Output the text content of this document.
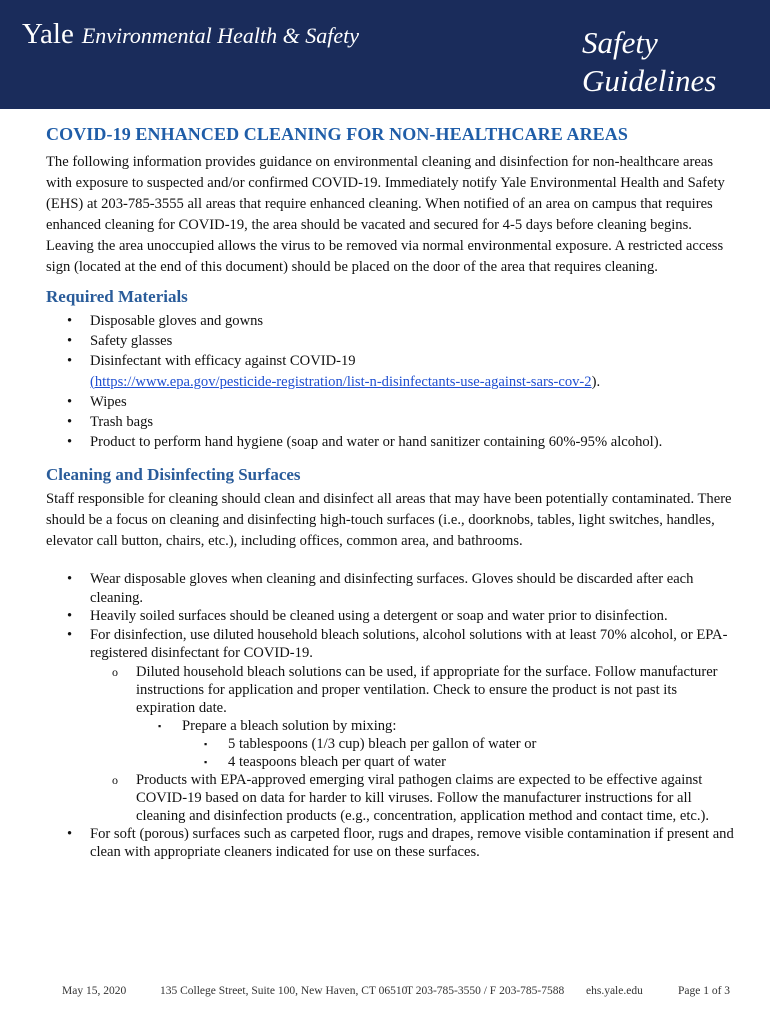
Yale Environmental Health & Safety	Safety
Guidelines
COVID-19 ENHANCED CLEANING FOR NON-HEALTHCARE AREAS

The following information provides guidance on environmental cleaning and disinfection for non-healthcare areas with exposure to suspected and/or confirmed COVID-19. Immediately notify Yale Environmental Health and Safety (EHS) at 203-785-3555 all areas that require enhanced cleaning. When notified of an area on campus that requires enhanced cleaning for COVID-19, the area should be vacated and secured for 4-5 days before cleaning begins. Leaving the area unoccupied allows the virus to be removed via normal environmental exposure. A restricted access sign (located at the end of this document) should be placed on the door of the area that requires cleaning.

Required Materials
• Disposable gloves and gowns
• Safety glasses
• Disinfectant with efficacy against COVID-19
(https://www.epa.gov/pesticide-registration/list-n-disinfectants-use-against-sars-cov-2).
• Wipes
• Trash bags
• Product to perform hand hygiene (soap and water or hand sanitizer containing 60%-95% alcohol).
Cleaning and Disinfecting Surfaces

Staff responsible for cleaning should clean and disinfect all areas that may have been potentially contaminated. There should be a focus on cleaning and disinfecting high-touch surfaces (i.e., doorknobs, tables, light switches, handles, elevator call button, chairs, etc.), including offices, common area, and bathrooms.

• Wear disposable gloves when cleaning and disinfecting surfaces. Gloves should be discarded after each cleaning.
• Heavily soiled surfaces should be cleaned using a detergent or soap and water prior to disinfection.
• For disinfection, use diluted household bleach solutions, alcohol solutions with at least 70% alcohol, or EPA-registered disinfectant for COVID-19.
o Diluted household bleach solutions can be used, if appropriate for the surface. Follow manufacturer instructions for application and proper ventilation. Check to ensure the product is not past its expiration date.
▪ Prepare a bleach solution by mixing:
▪ 5 tablespoons (1/3 cup) bleach per gallon of water or
▪ 4 teaspoons bleach per quart of water
o Products with EPA-approved emerging viral pathogen claims are expected to be effective against COVID-19 based on data for harder to kill viruses. Follow the manufacturer instructions for all cleaning and disinfection products (e.g., concentration, application method and contact time, etc.).
• For soft (porous) surfaces such as carpeted floor, rugs and drapes, remove visible contamination if present and clean with appropriate cleaners indicated for use on these surfaces.
May 15, 2020	135 College Street, Suite 100, New Haven, CT 06510
T 203-785-3550 / F 203-785-7588 ehs.yale.edu	Page 1 of 3
